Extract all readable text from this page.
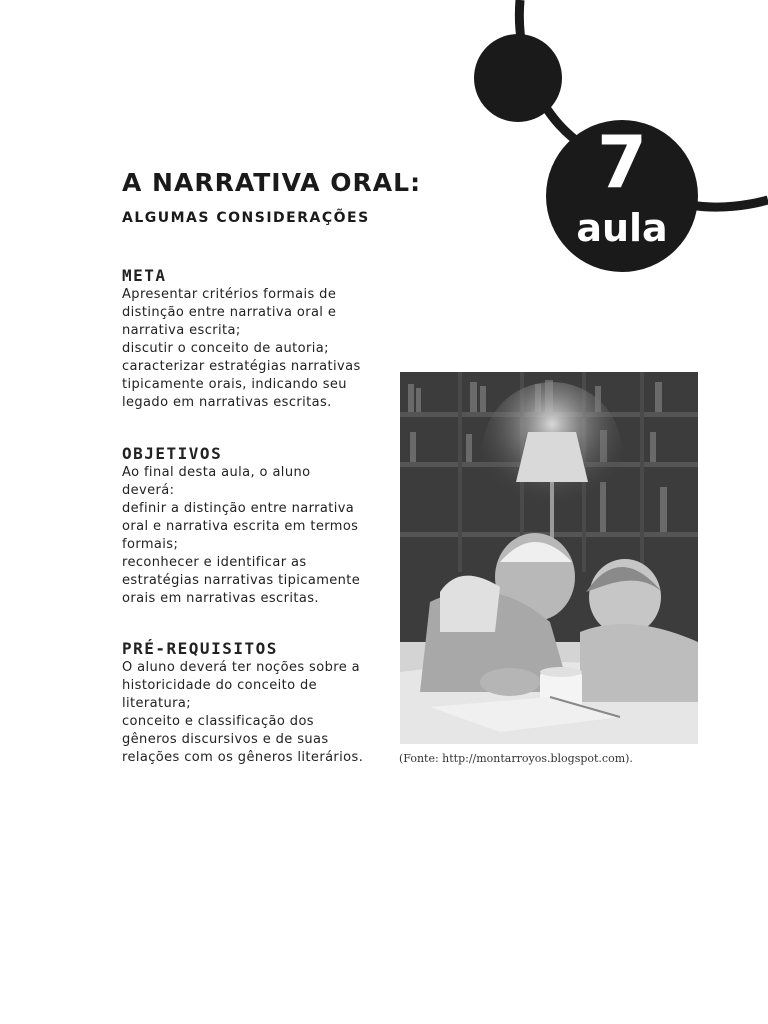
7
aula
A NARRATIVA ORAL:
ALGUMAS CONSIDERAÇÕES
META

Apresentar critérios formais de
distinção entre narrativa oral e
narrativa escrita;
discutir o conceito de autoria;
caracterizar estratégias narrativas
tipicamente orais, indicando seu
legado em narrativas escritas.

OBJETIVOS

Ao final desta aula, o aluno
deverá:
definir a distinção entre narrativa
oral e narrativa escrita em termos
formais;
reconhecer e identificar as
estratégias narrativas tipicamente
orais em narrativas escritas.

PRÉ-REQUISITOS

O aluno deverá ter noções sobre a
historicidade do conceito de
literatura;
conceito e classificação dos
gêneros discursivos e de suas
relações com os gêneros literários.	(Fonte: http://montarroyos.blogspot.com).
